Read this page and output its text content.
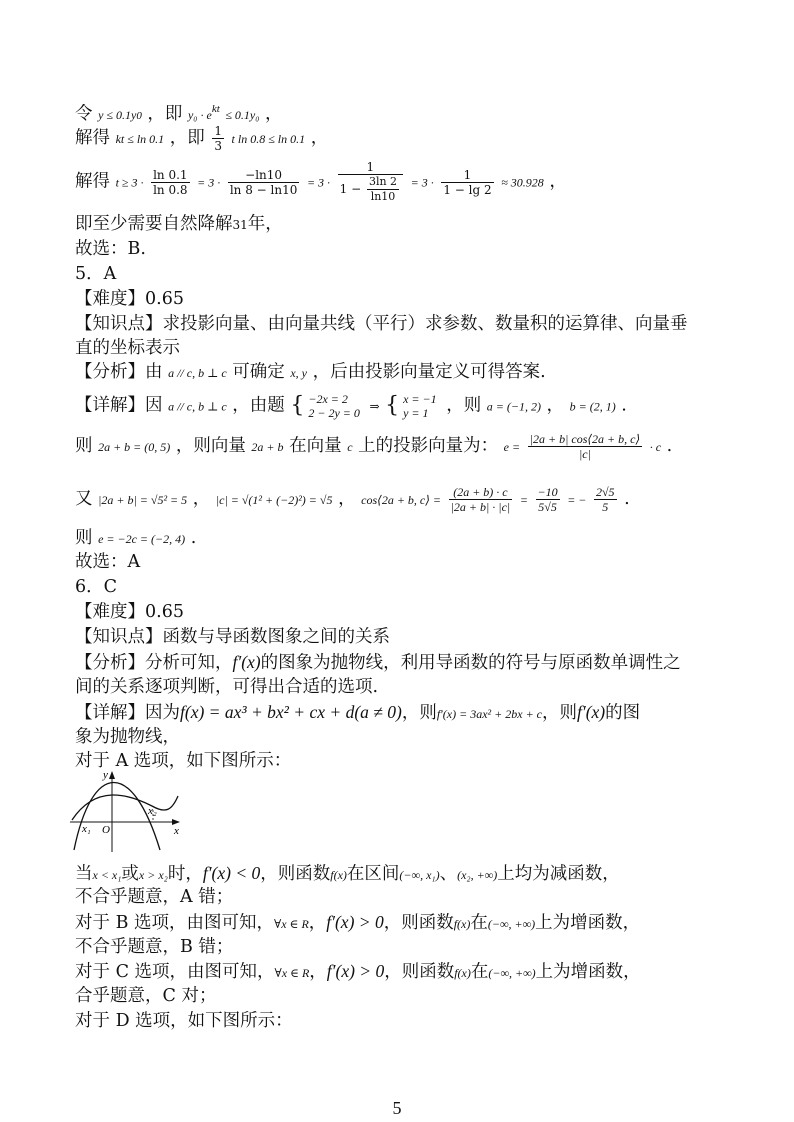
令 y ≤ 0.1y0 ，即 $y_0 \cdot e^{kt} \le 0.1y_0$ ，
解得 kt ≤ ln 0.1 ，即 $\frac{1}{3}$ t ln 0.8 ≤ ln 0.1 ，
解得 $t \ge 3 \cdot \frac{\ln 0.1}{\ln 0.8} = 3 \cdot \frac{-\ln 10}{\ln 8 - \ln 10} = 3 \cdot \frac{1}{1 - \frac{3\ln 2}{\ln 10}} = 3 \cdot \frac{1}{1 - \lg 2} \approx 30.928$ ，
即至少需要自然降解31年，
故选：B.
5．A
【难度】0.65
【知识点】求投影向量、由向量共线（平行）求参数、数量积的运算律、向量垂
直的坐标表示
【分析】由 a // c, b ⊥ c 可确定 x, y ，后由投影向量定义可得答案.
【详解】因 a // c, b ⊥ c ，由题 { −2x = 2
2 − 2y = 0 ⇒ { x = −1
y = 1	，则 a = (−1, 2) ， b = (2, 1) .
则 2a + b = (0, 5) ，则向量 2a + b 在向量 c 上的投影向量为： $e = \frac{|2a + b| \cos⟨2a + b, c⟩}{|c|} \cdot c$ .
又 |2a + b| = √5² = 5 ， |c| = √(1² + (−2)²) = √5 ， cos⟨2a + b, c⟩ = $\frac{(2a + b) \cdot c}{|2a + b| \cdot |c|} = \frac{-10}{5√5}$ = − $\frac{2√5}{5}$ .
则 e = −2c = (−2, 4) .
故选：A
6．C
【难度】0.65
【知识点】函数与导函数图象之间的关系
【分析】分析可知，f′(x)的图象为抛物线，利用导函数的符号与原函数单调性之
间的关系逐项判断，可得出合适的选项.
【详解】因为f(x) = ax³ + bx² + cx + d(a ≠ 0)，则f′(x) = 3ax² + 2bx + c，则f′(x)的图
象为抛物线，
对于 A 选项，如下图所示：
x₁ O
x₂
x
y
当x < x₁或x > x₂时，f′(x) < 0，则函数f(x)在区间(−∞, x₁)、(x₂, +∞)上均为减函数，
不合乎题意，A 错；
对于 B 选项，由图可知，∀x ∈ R，f′(x) > 0，则函数f(x)在(−∞, +∞)上为增函数，
不合乎题意，B 错；
对于 C 选项，由图可知，∀x ∈ R，f′(x) > 0，则函数f(x)在(−∞, +∞)上为增函数，
合乎题意，C 对；
对于 D 选项，如下图所示：
5
